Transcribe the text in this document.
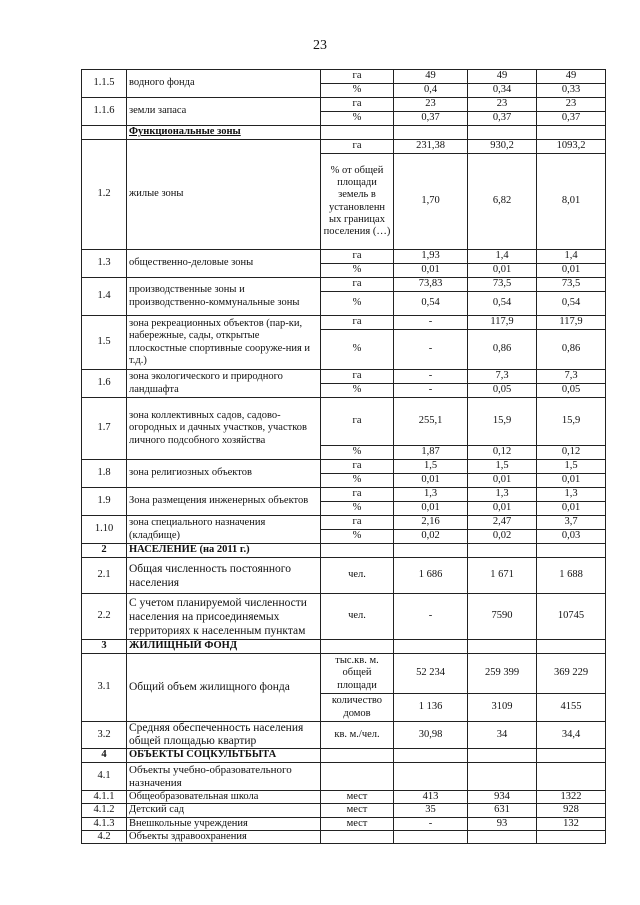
23
1.1.5	водного фонда	га	49	49	49
		%	0,4	0,34	0,33
1.1.6	земли запаса	га	23	23	23
		%	0,37	0,37	0,37
	Функциональные зоны				
1.2	жилые зоны	га	231,38	930,2	1093,2
		% от общей площади земель в установленн ых границах поселения (…)	1,70	6,82	8,01
1.3	общественно-деловые зоны	га	1,93	1,4	1,4
		%	0,01	0,01	0,01
1.4	производственные зоны и производственно-коммунальные зоны	га	73,83	73,5	73,5
		%	0,54	0,54	0,54
1.5	зона рекреационных объектов (пар-ки, набережные, сады, открытые плоскостные спортивные сооруже-ния и т.д.)	га	-	117,9	117,9
		%	-	0,86	0,86
1.6	зона экологического и природного ландшафта	га	-	7,3	7,3
		%	-	0,05	0,05
1.7	зона коллективных садов, садово-огородных и дачных участков, участков личного подсобного хозяйства	га	255,1	15,9	15,9
		%	1,87	0,12	0,12
1.8	зона религиозных объектов	га	1,5	1,5	1,5
		%	0,01	0,01	0,01
1.9	Зона размещения инженерных объектов	га	1,3	1,3	1,3
		%	0,01	0,01	0,01
1.10	зона специального назначения (кладбище)	га	2,16	2,47	3,7
		%	0,02	0,02	0,03
2	НАСЕЛЕНИЕ (на 2011 г.)				
2.1	Общая численность постоянного населения	чел.	1 686	1 671	1 688
2.2	С учетом планируемой численности населения на присоединяемых территориях к населенным пунктам	чел.	-	7590	10745
3	ЖИЛИЩНЫЙ ФОНД				
3.1	Общий объем жилищного фонда	тыс.кв. м. общей площади	52 234	259 399	369 229
		количество домов	1 136	3109	4155
3.2	Средняя обеспеченность населения общей площадью квартир	кв. м./чел.	30,98	34	34,4
4	ОБЪЕКТЫ СОЦКУЛЬТБЫТА				
4.1	Объекты учебно-образовательного назначения				
4.1.1	Общеобразовательная школа	мест	413	934	1322
4.1.2	Детский сад	мест	35	631	928
4.1.3	Внешкольные учреждения	мест	-	93	132
4.2	Объекты здравоохранения				
